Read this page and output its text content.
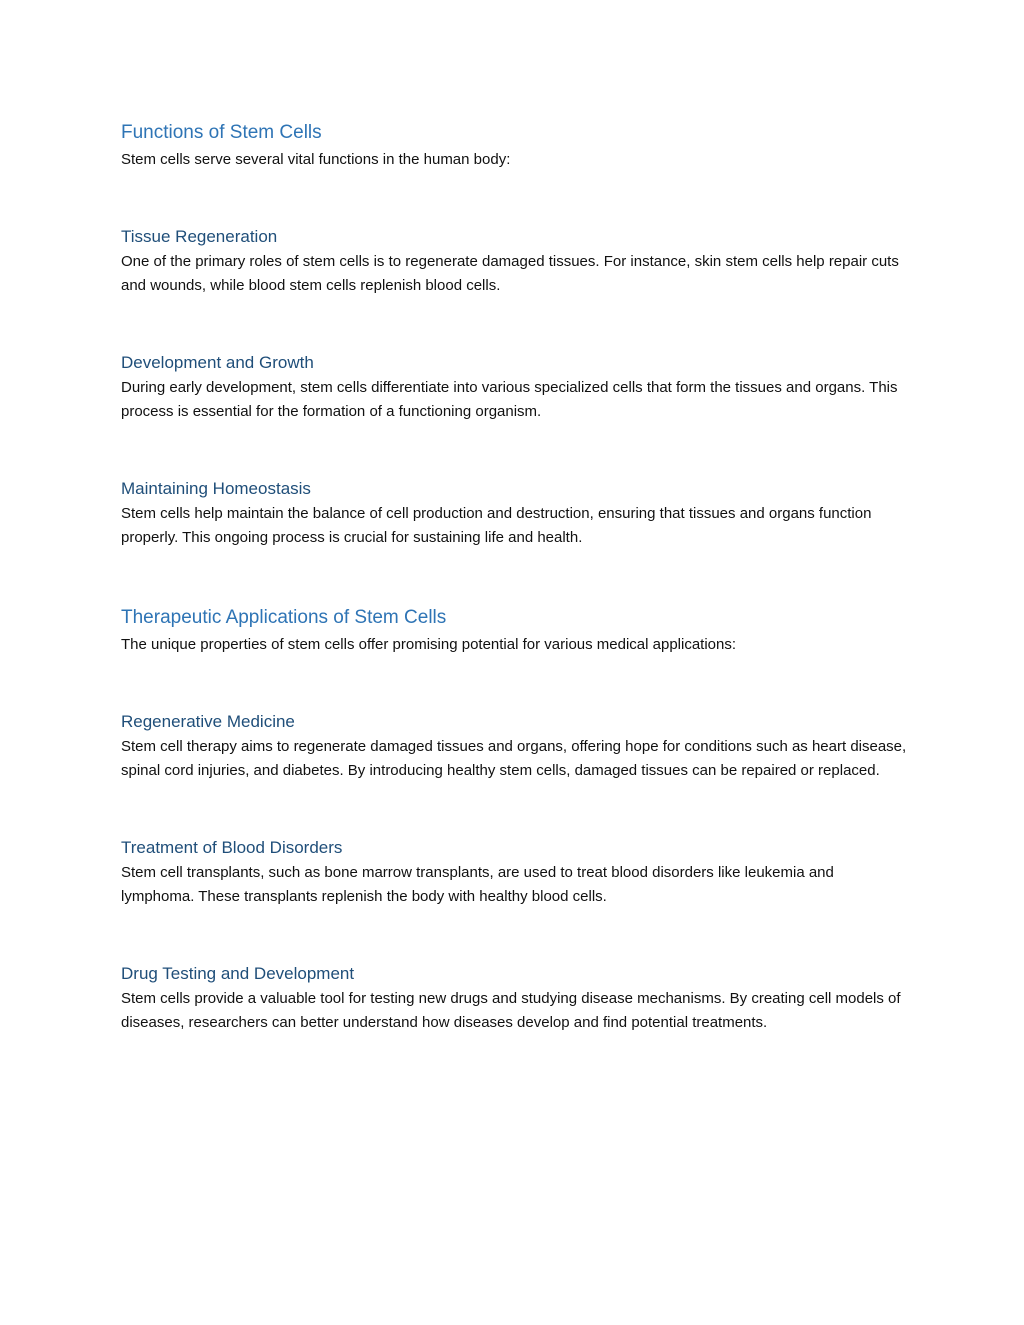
Functions of Stem Cells

Stem cells serve several vital functions in the human body:

Tissue Regeneration

One of the primary roles of stem cells is to regenerate damaged tissues. For instance, skin stem cells help repair cuts and wounds, while blood stem cells replenish blood cells.

Development and Growth

During early development, stem cells differentiate into various specialized cells that form the tissues and organs. This process is essential for the formation of a functioning organism.

Maintaining Homeostasis

Stem cells help maintain the balance of cell production and destruction, ensuring that tissues and organs function properly. This ongoing process is crucial for sustaining life and health.

Therapeutic Applications of Stem Cells

The unique properties of stem cells offer promising potential for various medical applications:

Regenerative Medicine

Stem cell therapy aims to regenerate damaged tissues and organs, offering hope for conditions such as heart disease, spinal cord injuries, and diabetes. By introducing healthy stem cells, damaged tissues can be repaired or replaced.

Treatment of Blood Disorders

Stem cell transplants, such as bone marrow transplants, are used to treat blood disorders like leukemia and lymphoma. These transplants replenish the body with healthy blood cells.

Drug Testing and Development

Stem cells provide a valuable tool for testing new drugs and studying disease mechanisms. By creating cell models of diseases, researchers can better understand how diseases develop and find potential treatments.
